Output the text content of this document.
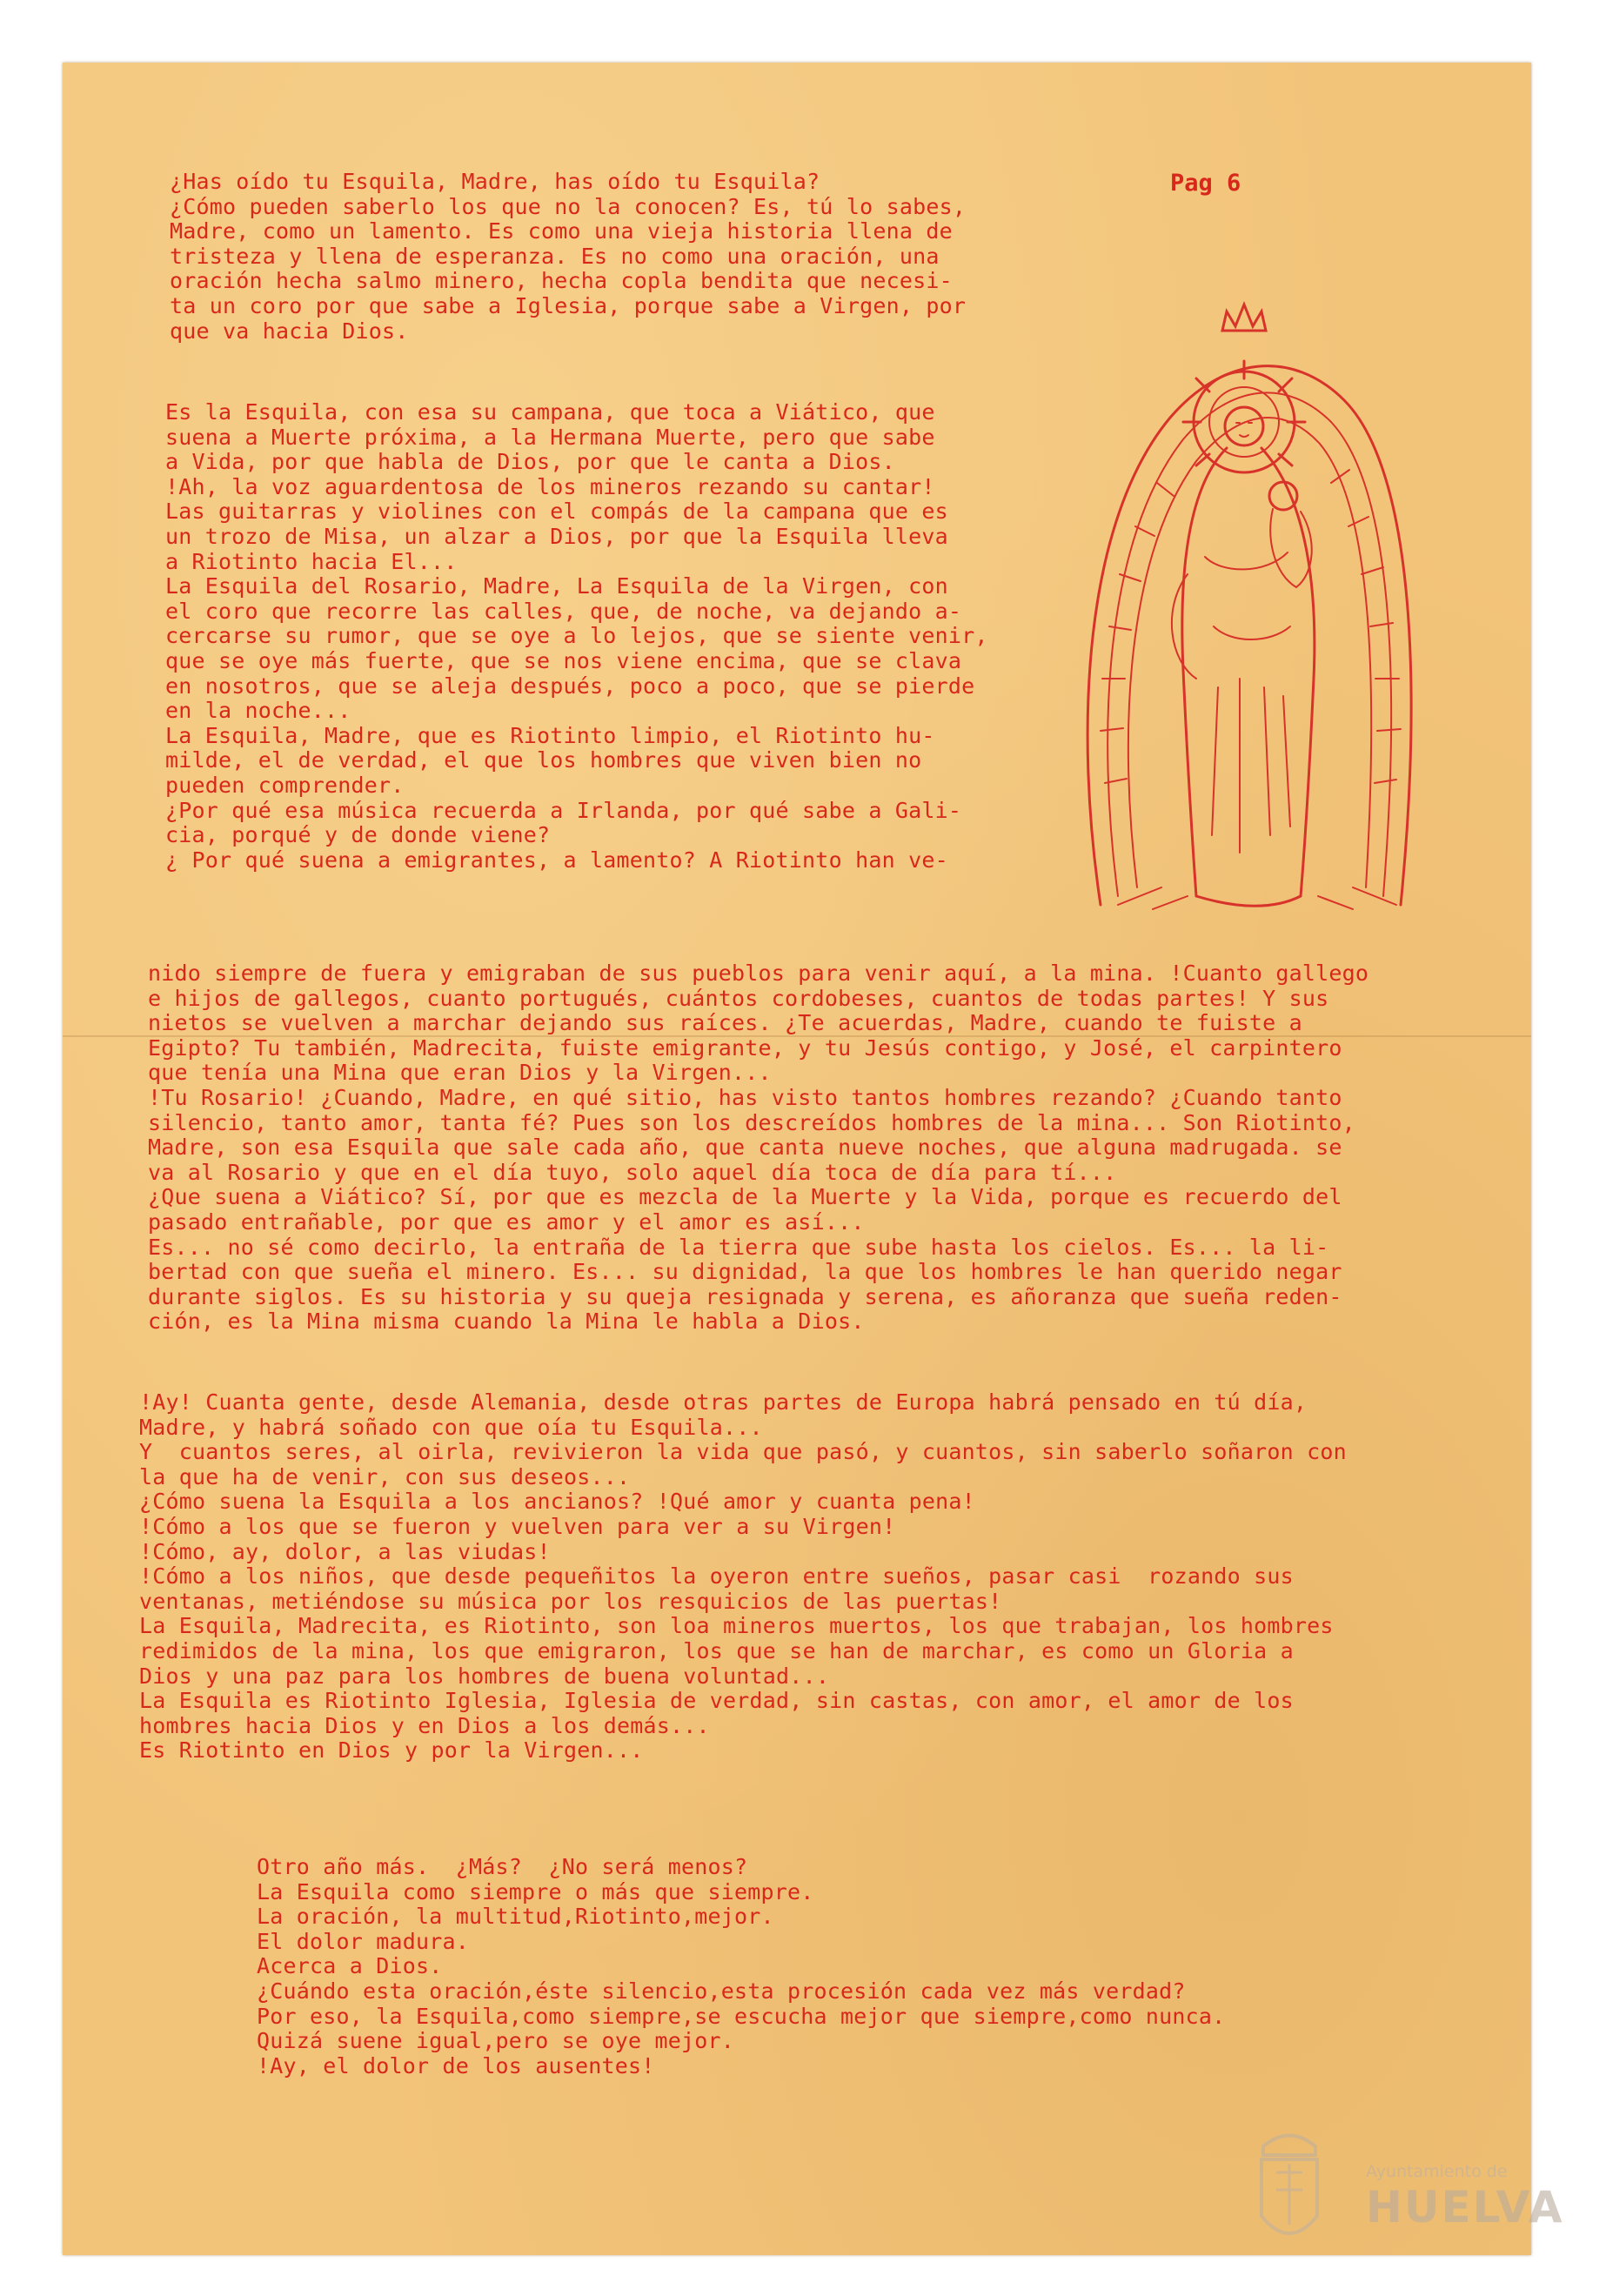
Pag 6
¿Has oído tu Esquila, Madre, has oído tu Esquila?
¿Cómo pueden saberlo los que no la conocen? Es, tú lo sabes,
Madre, como un lamento. Es como una vieja historia llena de
tristeza y llena de esperanza. Es no como una oración, una
oración hecha salmo minero, hecha copla bendita que necesi-
ta un coro por que sabe a Iglesia, porque sabe a Virgen, por
que va hacia Dios.
Es la Esquila, con esa su campana, que toca a Viático, que
suena a Muerte próxima, a la Hermana Muerte, pero que sabe
a Vida, por que habla de Dios, por que le canta a Dios.
!Ah, la voz aguardentosa de los mineros rezando su cantar!
Las guitarras y violines con el compás de la campana que es
un trozo de Misa, un alzar a Dios, por que la Esquila lleva
a Riotinto hacia El...
La Esquila del Rosario, Madre, La Esquila de la Virgen, con
el coro que recorre las calles, que, de noche, va dejando a-
cercarse su rumor, que se oye a lo lejos, que se siente venir,
que se oye más fuerte, que se nos viene encima, que se clava
en nosotros, que se aleja después, poco a poco, que se pierde
en la noche...
La Esquila, Madre, que es Riotinto limpio, el Riotinto hu-
milde, el de verdad, el que los hombres que viven bien no
pueden comprender.
¿Por qué esa música recuerda a Irlanda, por qué sabe a Gali-
cia, porqué y de donde viene?
¿ Por qué suena a emigrantes, a lamento? A Riotinto han ve-
nido siempre de fuera y emigraban de sus pueblos para venir aquí, a la mina. !Cuanto gallego
e hijos de gallegos, cuanto portugués, cuántos cordobeses, cuantos de todas partes! Y sus
nietos se vuelven a marchar dejando sus raíces. ¿Te acuerdas, Madre, cuando te fuiste a
Egipto? Tu también, Madrecita, fuiste emigrante, y tu Jesús contigo, y José, el carpintero
que tenía una Mina que eran Dios y la Virgen...
!Tu Rosario! ¿Cuando, Madre, en qué sitio, has visto tantos hombres rezando? ¿Cuando tanto
silencio, tanto amor, tanta fé? Pues son los descreídos hombres de la mina... Son Riotinto,
Madre, son esa Esquila que sale cada año, que canta nueve noches, que alguna madrugada. se
va al Rosario y que en el día tuyo, solo aquel día toca de día para tí...
¿Que suena a Viático? Sí, por que es mezcla de la Muerte y la Vida, porque es recuerdo del
pasado entrañable, por que es amor y el amor es así...
Es... no sé como decirlo, la entraña de la tierra que sube hasta los cielos. Es... la li-
bertad con que sueña el minero. Es... su dignidad, la que los hombres le han querido negar
durante siglos. Es su historia y su queja resignada y serena, es añoranza que sueña reden-
ción, es la Mina misma cuando la Mina le habla a Dios.
!Ay! Cuanta gente, desde Alemania, desde otras partes de Europa habrá pensado en tú día,
Madre, y habrá soñado con que oía tu Esquila...
Y  cuantos seres, al oirla, revivieron la vida que pasó, y cuantos, sin saberlo soñaron con
la que ha de venir, con sus deseos...
¿Cómo suena la Esquila a los ancianos? !Qué amor y cuanta pena!
!Cómo a los que se fueron y vuelven para ver a su Virgen!
!Cómo, ay, dolor, a las viudas!
!Cómo a los niños, que desde pequeñitos la oyeron entre sueños, pasar casi  rozando sus
ventanas, metiéndose su música por los resquicios de las puertas!
La Esquila, Madrecita, es Riotinto, son loa mineros muertos, los que trabajan, los hombres
redimidos de la mina, los que emigraron, los que se han de marchar, es como un Gloria a
Dios y una paz para los hombres de buena voluntad...
La Esquila es Riotinto Iglesia, Iglesia de verdad, sin castas, con amor, el amor de los
hombres hacia Dios y en Dios a los demás...
Es Riotinto en Dios y por la Virgen...
Otro año más.  ¿Más?  ¿No será menos?
La Esquila como siempre o más que siempre.
La oración, la multitud,Riotinto,mejor.
El dolor madura.
Acerca a Dios.
¿Cuándo esta oración,éste silencio,esta procesión cada vez más verdad?
Por eso, la Esquila,como siempre,se escucha mejor que siempre,como nunca.
Quizá suene igual,pero se oye mejor.
!Ay, el dolor de los ausentes!
Ayuntamiento de
HUELVA
